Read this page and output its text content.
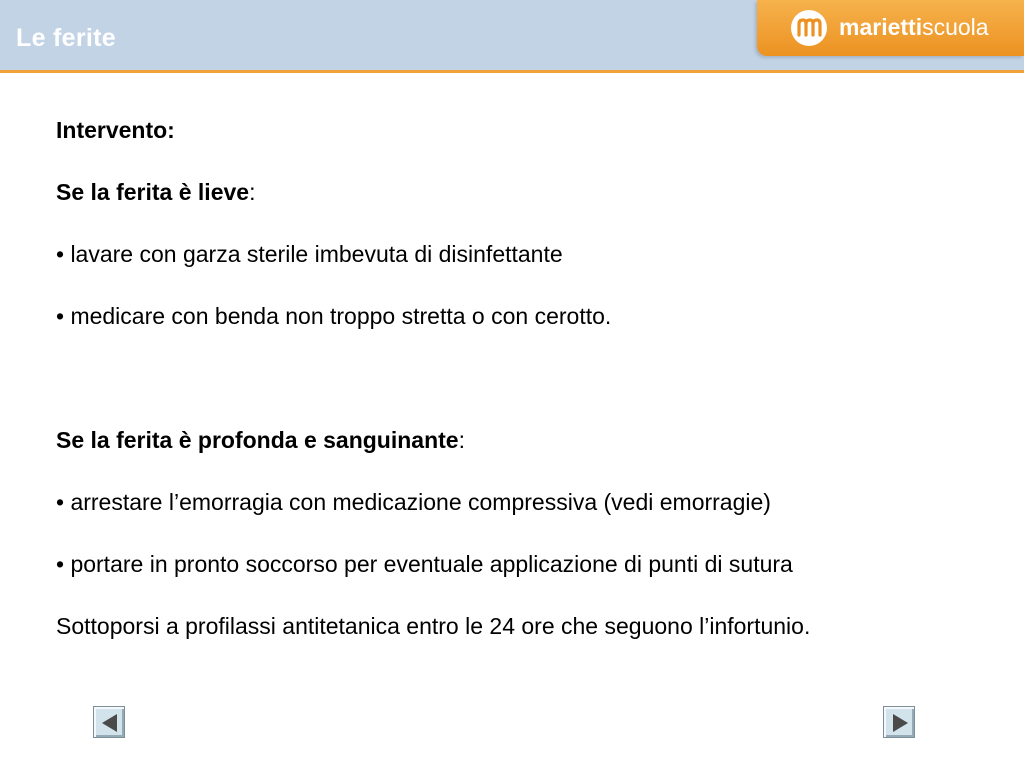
Le ferite	mariettiscuola

Intervento:

Se la ferita è lieve:

• lavare con garza sterile imbevuta di disinfettante

• medicare con benda non troppo stretta o con cerotto.

Se la ferita è profonda e sanguinante:

• arrestare l’emorragia con medicazione compressiva (vedi emorragie)

• portare in pronto soccorso per eventuale applicazione di punti di sutura

Sottoporsi a profilassi antitetanica entro le 24 ore che seguono l’infortunio.
